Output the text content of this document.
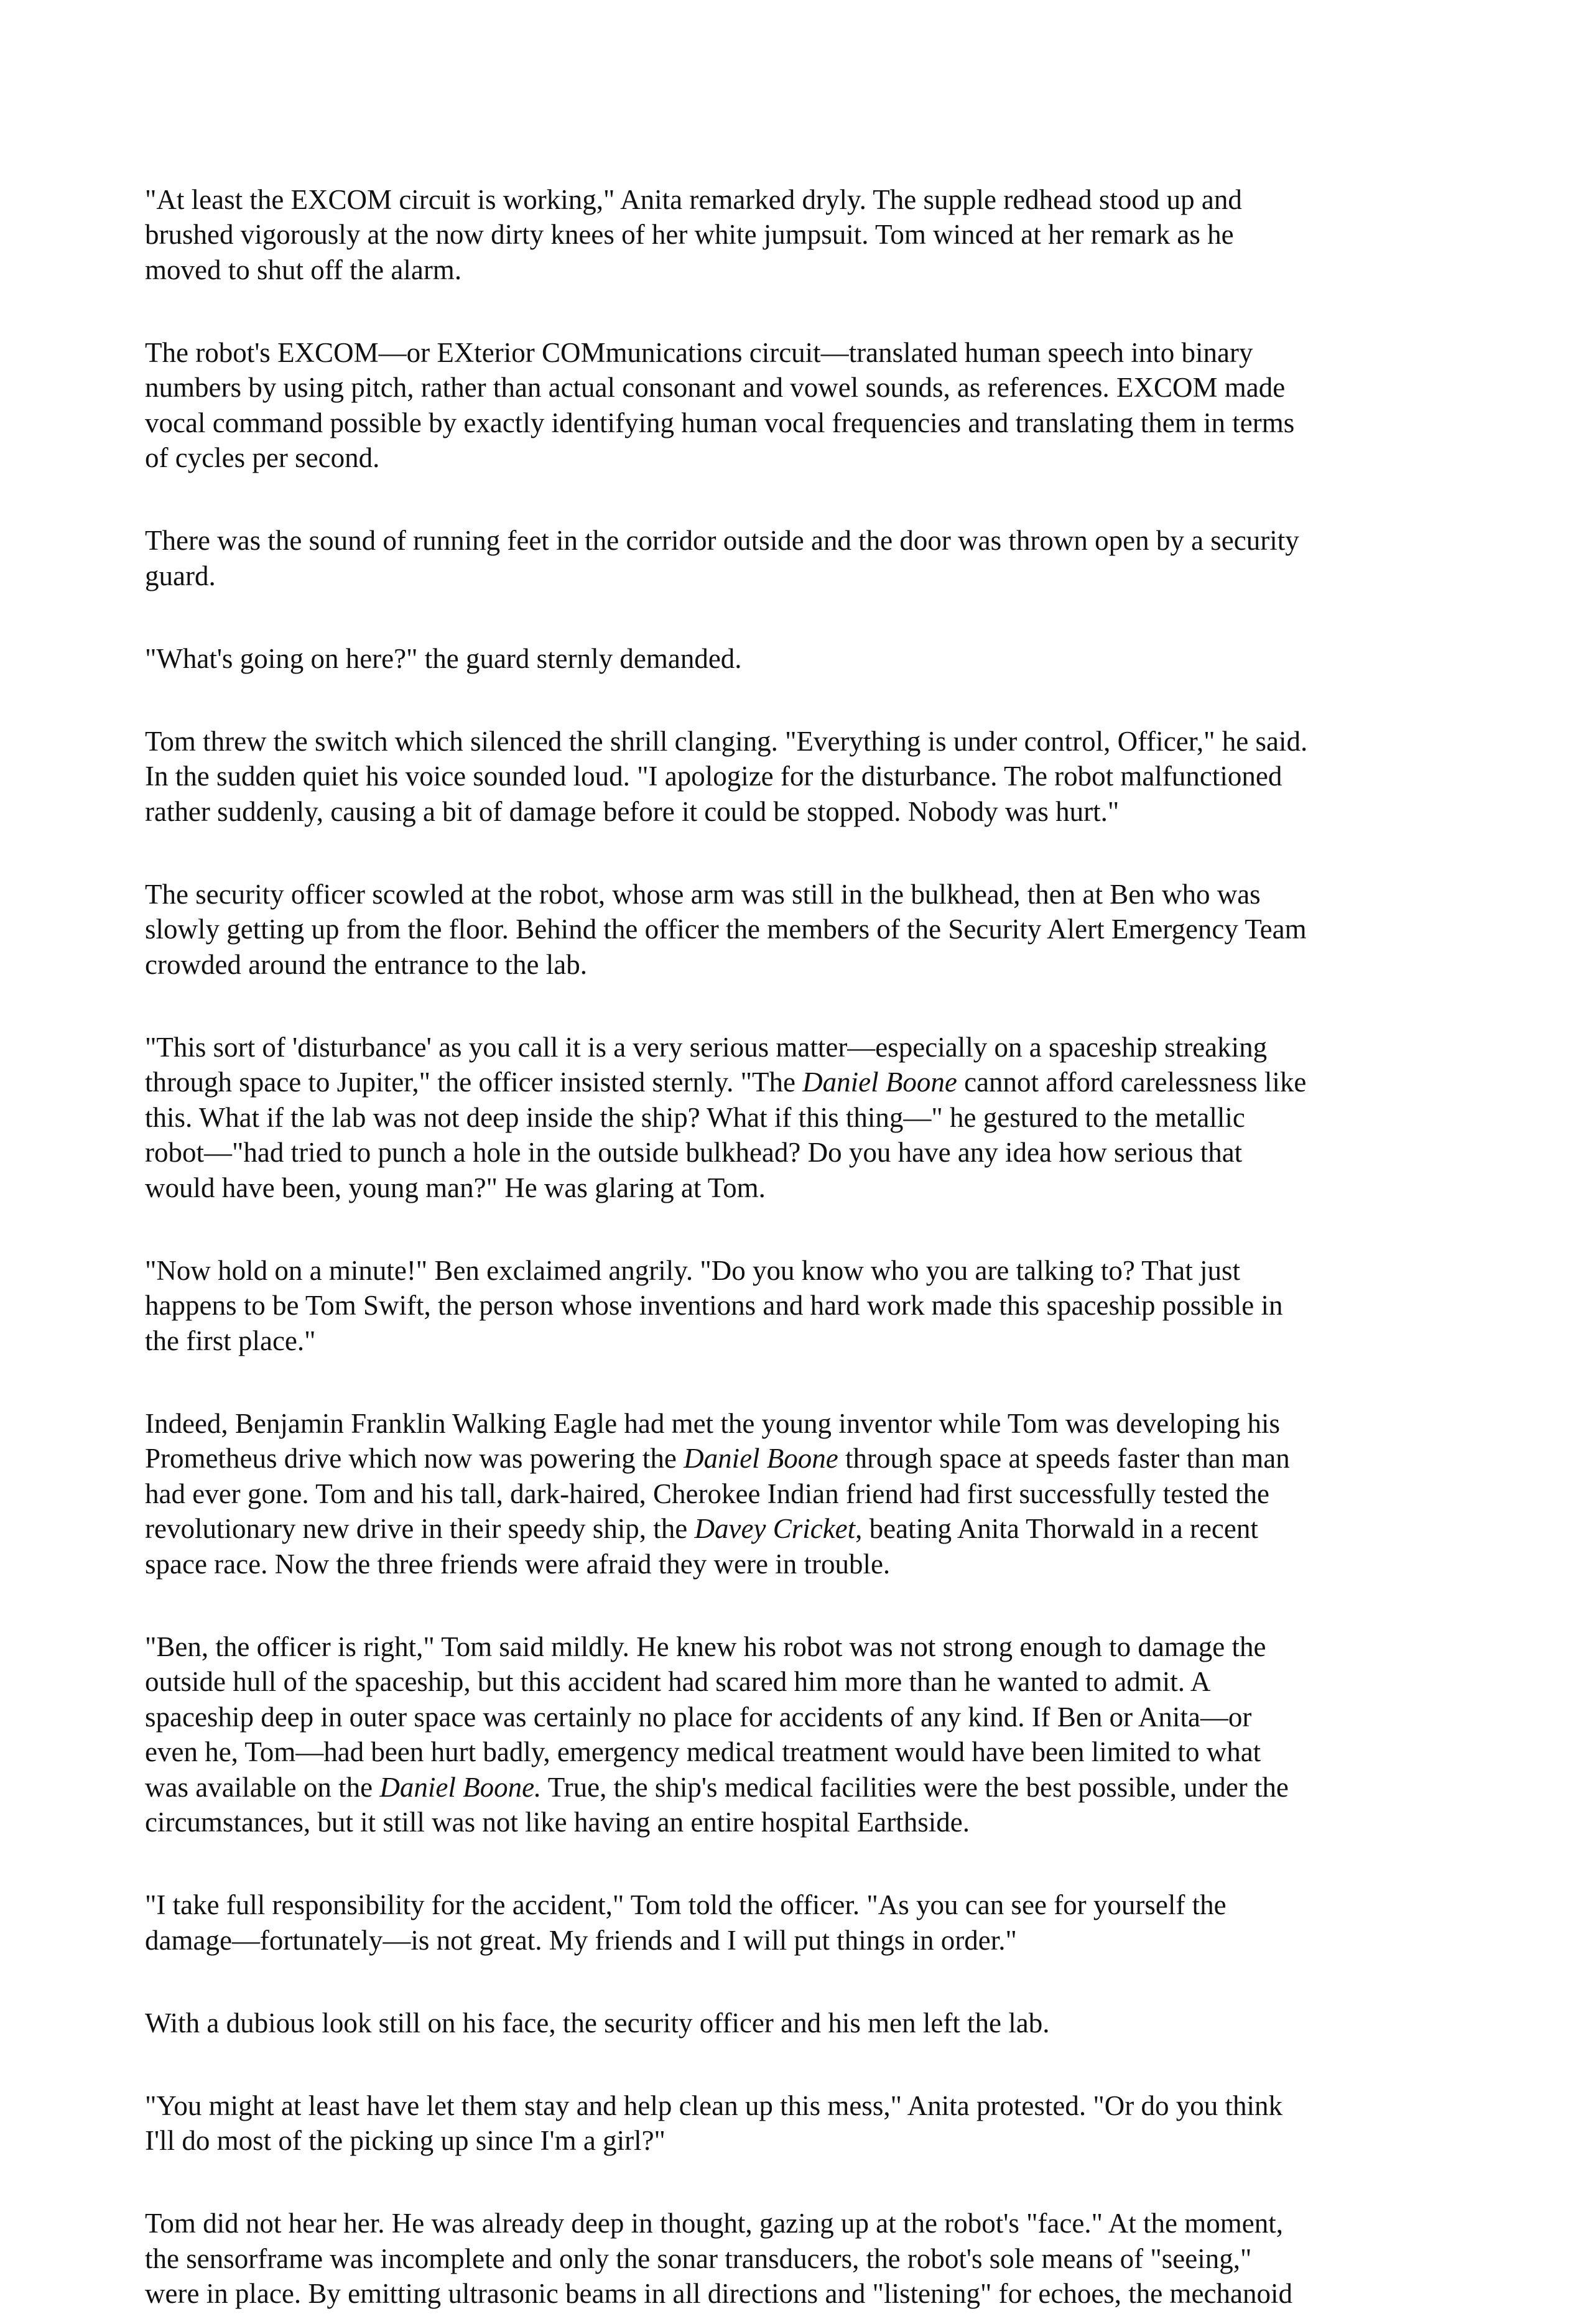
"At least the EXCOM circuit is working," Anita remarked dryly. The supple redhead stood up and
brushed vigorously at the now dirty knees of her white jumpsuit. Tom winced at her remark as he
moved to shut off the alarm.

The robot's EXCOM—or EXterior COMmunications circuit—translated human speech into binary
numbers by using pitch, rather than actual consonant and vowel sounds, as references. EXCOM made
vocal command possible by exactly identifying human vocal frequencies and translating them in terms
of cycles per second.

There was the sound of running feet in the corridor outside and the door was thrown open by a security
guard.

"What's going on here?" the guard sternly demanded.

Tom threw the switch which silenced the shrill clanging. "Everything is under control, Officer," he said.
In the sudden quiet his voice sounded loud. "I apologize for the disturbance. The robot malfunctioned
rather suddenly, causing a bit of damage before it could be stopped. Nobody was hurt."

The security officer scowled at the robot, whose arm was still in the bulkhead, then at Ben who was
slowly getting up from the floor. Behind the officer the members of the Security Alert Emergency Team
crowded around the entrance to the lab.

"This sort of 'disturbance' as you call it is a very serious matter—especially on a spaceship streaking
through space to Jupiter," the officer insisted sternly. "The Daniel Boone cannot afford carelessness like
this. What if the lab was not deep inside the ship? What if this thing—" he gestured to the metallic
robot—"had tried to punch a hole in the outside bulkhead? Do you have any idea how serious that
would have been, young man?" He was glaring at Tom.

"Now hold on a minute!" Ben exclaimed angrily. "Do you know who you are talking to? That just
happens to be Tom Swift, the person whose inventions and hard work made this spaceship possible in
the first place."

Indeed, Benjamin Franklin Walking Eagle had met the young inventor while Tom was developing his
Prometheus drive which now was powering the Daniel Boone through space at speeds faster than man
had ever gone. Tom and his tall, dark-haired, Cherokee Indian friend had first successfully tested the
revolutionary new drive in their speedy ship, the Davey Cricket, beating Anita Thorwald in a recent
space race. Now the three friends were afraid they were in trouble.

"Ben, the officer is right," Tom said mildly. He knew his robot was not strong enough to damage the
outside hull of the spaceship, but this accident had scared him more than he wanted to admit. A
spaceship deep in outer space was certainly no place for accidents of any kind. If Ben or Anita—or
even he, Tom—had been hurt badly, emergency medical treatment would have been limited to what
was available on the Daniel Boone. True, the ship's medical facilities were the best possible, under the
circumstances, but it still was not like having an entire hospital Earthside.

"I take full responsibility for the accident," Tom told the officer. "As you can see for yourself the
damage—fortunately—is not great. My friends and I will put things in order."

With a dubious look still on his face, the security officer and his men left the lab.

"You might at least have let them stay and help clean up this mess," Anita protested. "Or do you think
I'll do most of the picking up since I'm a girl?"

Tom did not hear her. He was already deep in thought, gazing up at the robot's "face." At the moment,
the sensorframe was incomplete and only the sonar transducers, the robot's sole means of "seeing,"
were in place. By emitting ultrasonic beams in all directions and "listening" for echoes, the mechanoid
